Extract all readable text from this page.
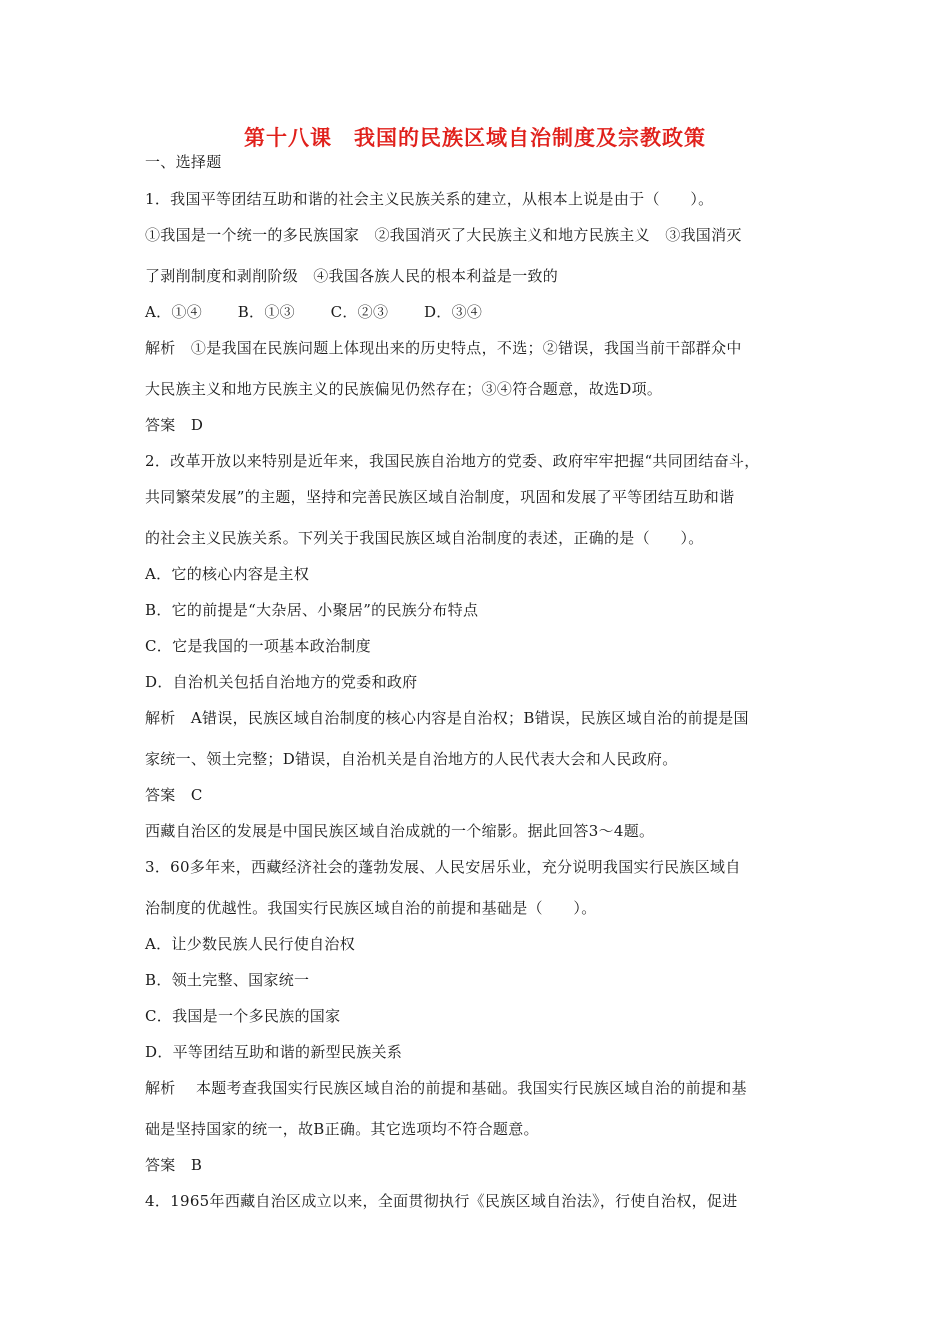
第十八课　我国的民族区域自治制度及宗教政策
一、选择题
1．我国平等团结互助和谐的社会主义民族关系的建立，从根本上说是由于（　　）。
①我国是一个统一的多民族国家　②我国消灭了大民族主义和地方民族主义　③我国消灭
了剥削制度和剥削阶级　④我国各族人民的根本利益是一致的
A．①④　　 B．①③　　 C．②③　　 D．③④
解析　①是我国在民族问题上体现出来的历史特点，不选；②错误，我国当前干部群众中
大民族主义和地方民族主义的民族偏见仍然存在；③④符合题意，故选D项。
答案　D
2．改革开放以来特别是近年来，我国民族自治地方的党委、政府牢牢把握“共同团结奋斗，
共同繁荣发展”的主题，坚持和完善民族区域自治制度，巩固和发展了平等团结互助和谐
的社会主义民族关系。下列关于我国民族区域自治制度的表述，正确的是（　　）。
A．它的核心内容是主权
B．它的前提是“大杂居、小聚居”的民族分布特点
C．它是我国的一项基本政治制度
D．自治机关包括自治地方的党委和政府
解析　A错误，民族区域自治制度的核心内容是自治权；B错误，民族区域自治的前提是国
家统一、领土完整；D错误，自治机关是自治地方的人民代表大会和人民政府。
答案　C
西藏自治区的发展是中国民族区域自治成就的一个缩影。据此回答3～4题。
3．60多年来，西藏经济社会的蓬勃发展、人民安居乐业，充分说明我国实行民族区域自
治制度的优越性。我国实行民族区域自治的前提和基础是（　　）。
A．让少数民族人民行使自治权
B．领土完整、国家统一
C．我国是一个多民族的国家
D．平等团结互助和谐的新型民族关系
解析　 本题考查我国实行民族区域自治的前提和基础。我国实行民族区域自治的前提和基
础是坚持国家的统一，故B正确。其它选项均不符合题意。
答案　B
4．1965年西藏自治区成立以来，全面贯彻执行《民族区域自治法》，行使自治权，促进
